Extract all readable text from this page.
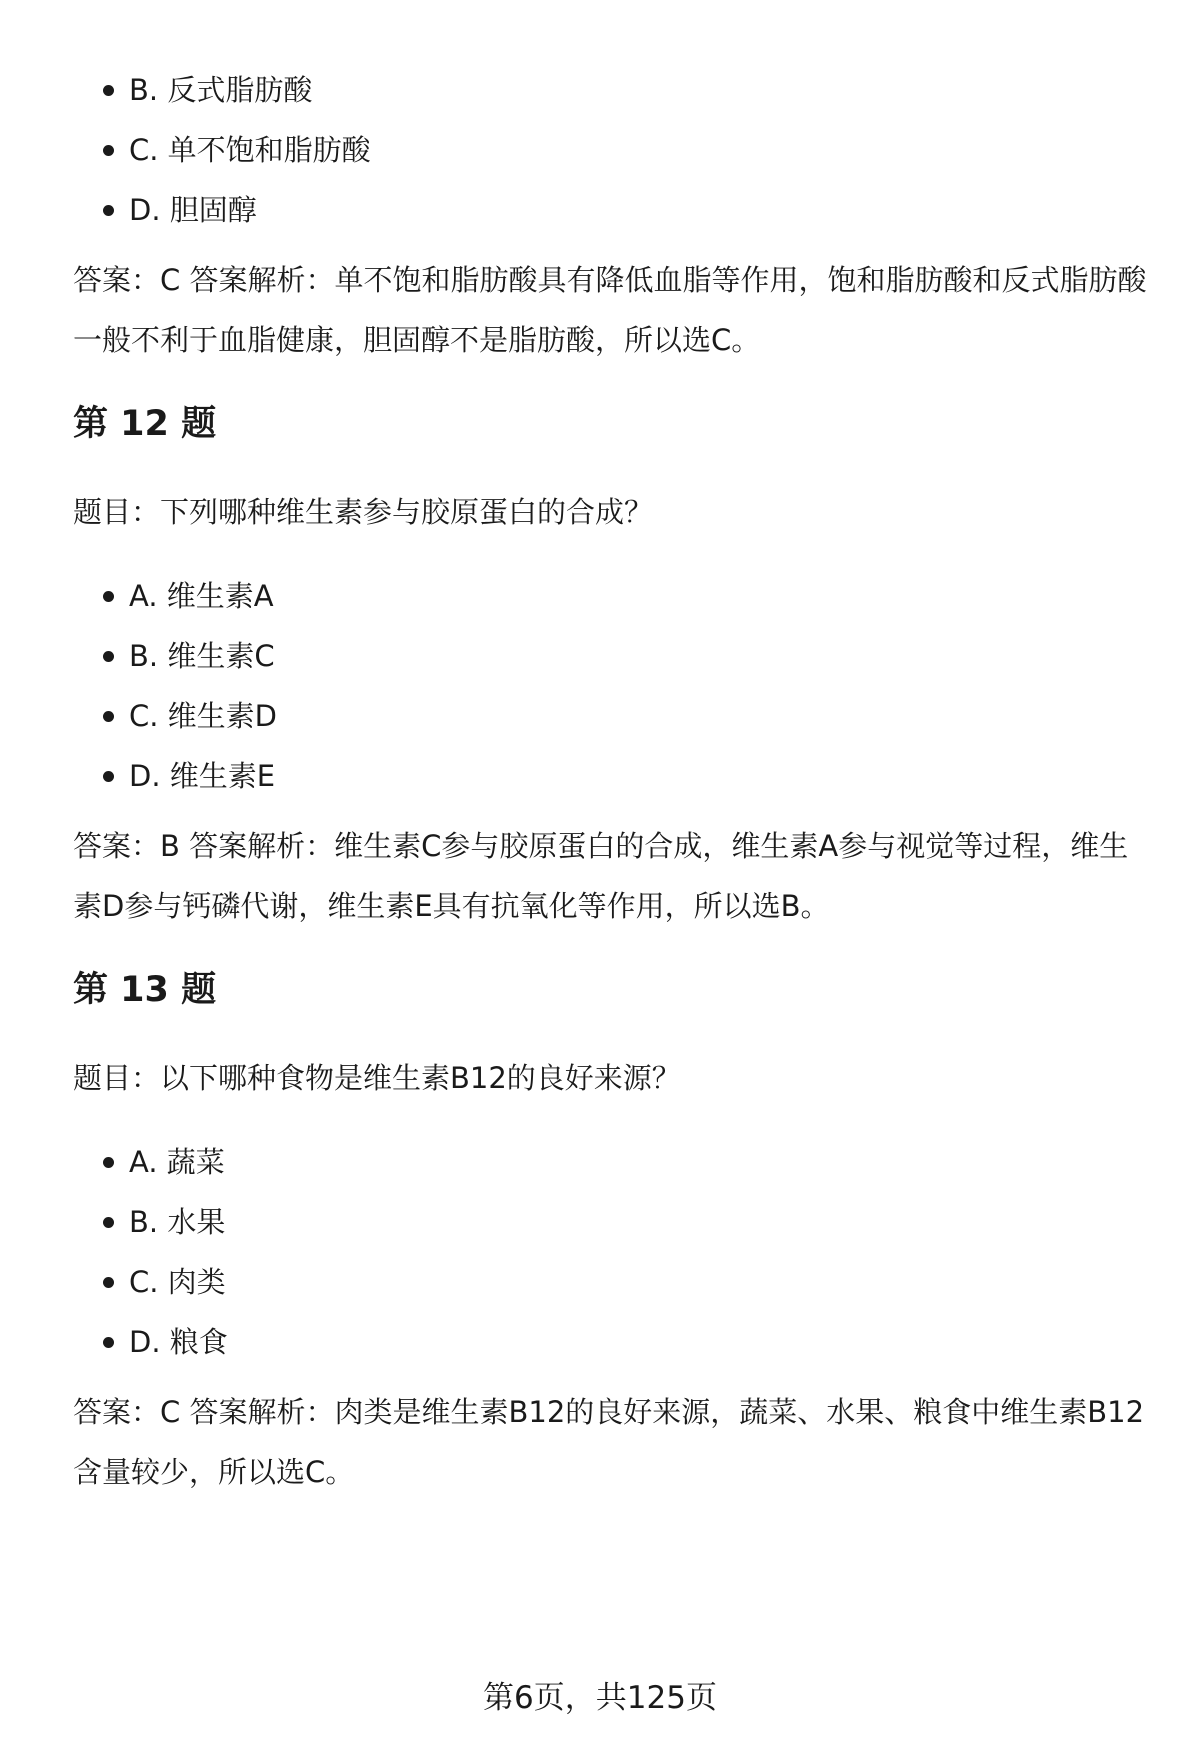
B. 反式脂肪酸
C. 单不饱和脂肪酸
D. 胆固醇

答案：C 答案解析：单不饱和脂肪酸具有降低血脂等作用，饱和脂肪酸和反式脂肪酸一般不利于血脂健康，胆固醇不是脂肪酸，所以选C。

第 12 题

题目：下列哪种维生素参与胶原蛋白的合成？

A. 维生素A
B. 维生素C
C. 维生素D
D. 维生素E

答案：B 答案解析：维生素C参与胶原蛋白的合成，维生素A参与视觉等过程，维生素D参与钙磷代谢，维生素E具有抗氧化等作用，所以选B。

第 13 题

题目：以下哪种食物是维生素B12的良好来源？

A. 蔬菜
B. 水果
C. 肉类
D. 粮食

答案：C 答案解析：肉类是维生素B12的良好来源，蔬菜、水果、粮食中维生素B12含量较少，所以选C。

第6页，共125页
